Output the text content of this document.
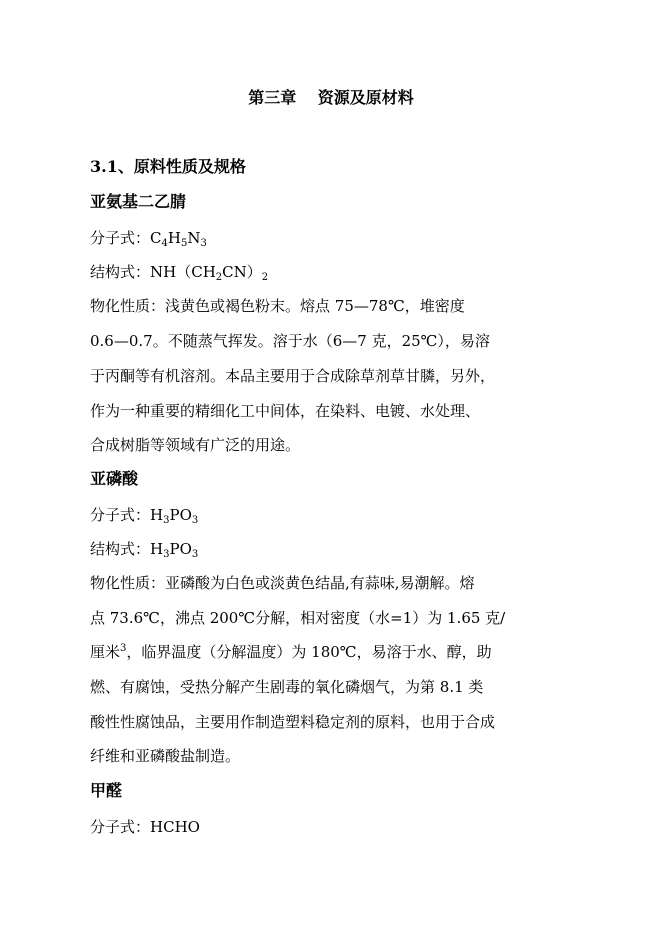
第三章　 资源及原材料
3.1、原料性质及规格
亚氨基二乙腈
分子式：$C_4H_5N_3$
结构式：$NH(CH_2CN)_2$
物化性质：浅黄色或褐色粉末。熔点 75—78℃，堆密度
0.6—0.7。不随蒸气挥发。溶于水（6—7 克，25℃），易溶
于丙酮等有机溶剂。本品主要用于合成除草剂草甘膦，另外，
作为一种重要的精细化工中间体，在染料、电镀、水处理、
合成树脂等领域有广泛的用途。
亚磷酸
分子式：$H_3PO_3$
结构式：$H_3PO_3$
物化性质：亚磷酸为白色或淡黄色结晶,有蒜味,易潮解。熔
点 73.6℃，沸点 200℃分解，相对密度（水=1）为 1.65 克/
厘米$^3$，临界温度（分解温度）为 180℃，易溶于水、醇，助
燃、有腐蚀，受热分解产生剧毒的氧化磷烟气，为第 8.1 类
酸性性腐蚀品，主要用作制造塑料稳定剂的原料，也用于合成
纤维和亚磷酸盐制造。
甲醛
分子式：HCHO
